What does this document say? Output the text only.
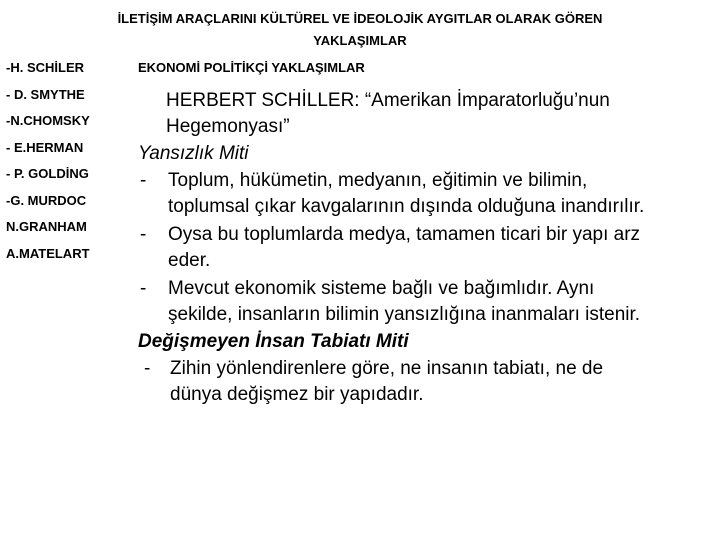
İLETİŞİM ARAÇLARINI KÜLTÜREL VE İDEOLOJİK AYGITLAR OLARAK GÖREN
YAKLAŞIMLAR
-H. SCHİLER
- D. SMYTHE
-N.CHOMSKY
- E.HERMAN
- P. GOLDİNG
-G. MURDOC
N.GRANHAM
A.MATELART
EKONOMİ POLİTİKÇİ YAKLAŞIMLAR
HERBERT SCHİLLER: “Amerikan İmparatorluğu’nun
Hegemonyası”
Yansızlık Miti
- Toplum, hükümetin, medyanın, eğitimin ve bilimin,
toplumsal çıkar kavgalarının dışında olduğuna inandırılır.
- Oysa bu toplumlarda medya, tamamen ticari bir yapı arz
eder.
- Mevcut ekonomik sisteme bağlı ve bağımlıdır. Aynı
şekilde, insanların bilimin yansızlığına inanmaları istenir.
Değişmeyen İnsan Tabiatı Miti
- Zihin yönlendirenlere göre, ne insanın tabiatı, ne de
dünya değişmez bir yapıdadır.
